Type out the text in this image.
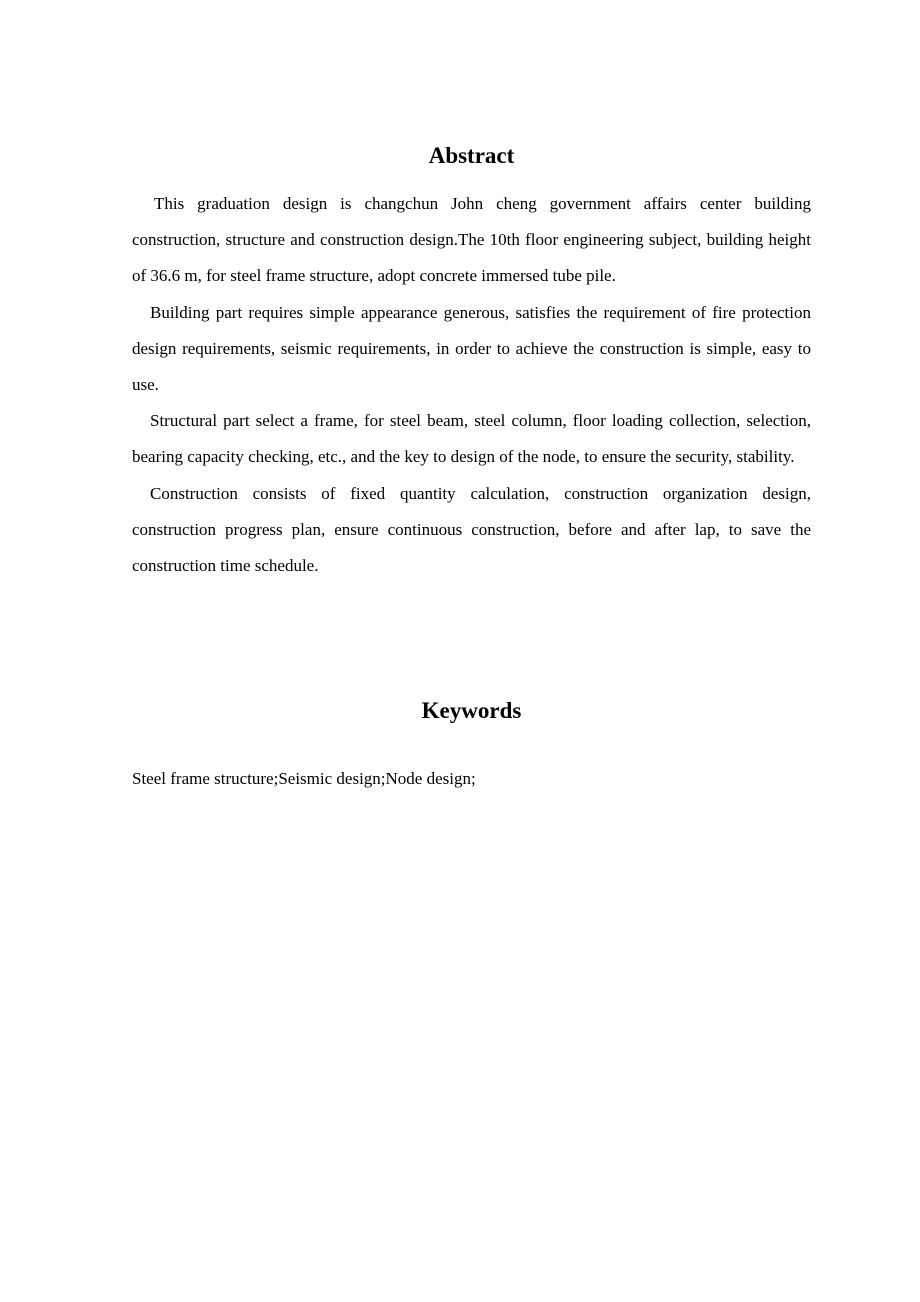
Abstract

This graduation design is changchun John cheng government affairs center building construction, structure and construction design.The 10th floor engineering subject, building height of 36.6 m, for steel frame structure, adopt concrete immersed tube pile.

Building part requires simple appearance generous, satisfies the requirement of fire protection design requirements, seismic requirements, in order to achieve the construction is simple, easy to use.

Structural part select a frame, for steel beam, steel column, floor loading collection, selection, bearing capacity checking, etc., and the key to design of the node, to ensure the security, stability.

Construction consists of fixed quantity calculation, construction organization design, construction progress plan, ensure continuous construction, before and after lap, to save the construction time schedule.

Keywords

Steel frame structure;Seismic design;Node design;
